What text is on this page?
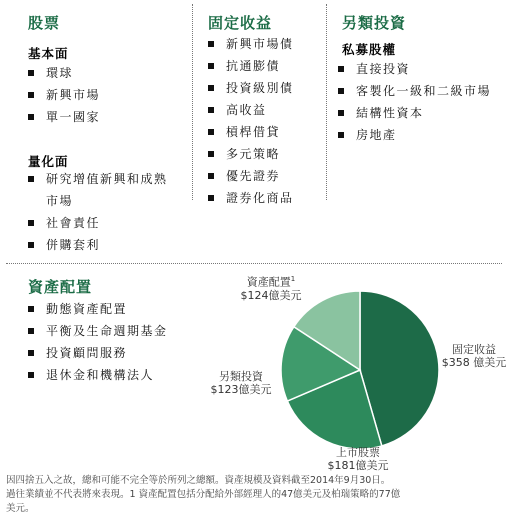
股票
基本面
環球
新興市場
單一國家
量化面
研究增值新興和成熟
市場
社會責任
併購套利
固定收益
新興市場債
抗通膨債
投資級別債
高收益
槓桿借貸
多元策略
優先證券
證券化商品
另類投資
私募股權
直接投資
客製化一級和二級市場
結構性資本
房地產
資產配置
動態資產配置
平衡及生命週期基金
投資顧問服務
退休金和機構法人
資產配置$^1$
$124億美元
固定收益
$358 億美元
另類投資
$123億美元
上市股票
$181億美元
因四捨五入之故，總和可能不完全等於所列之總額。資產規模及資料截至2014年9月30日。
過往業績並不代表將來表現。1 資產配置包括分配給外部經理人的47億美元及柏瑞策略的77億
美元。
